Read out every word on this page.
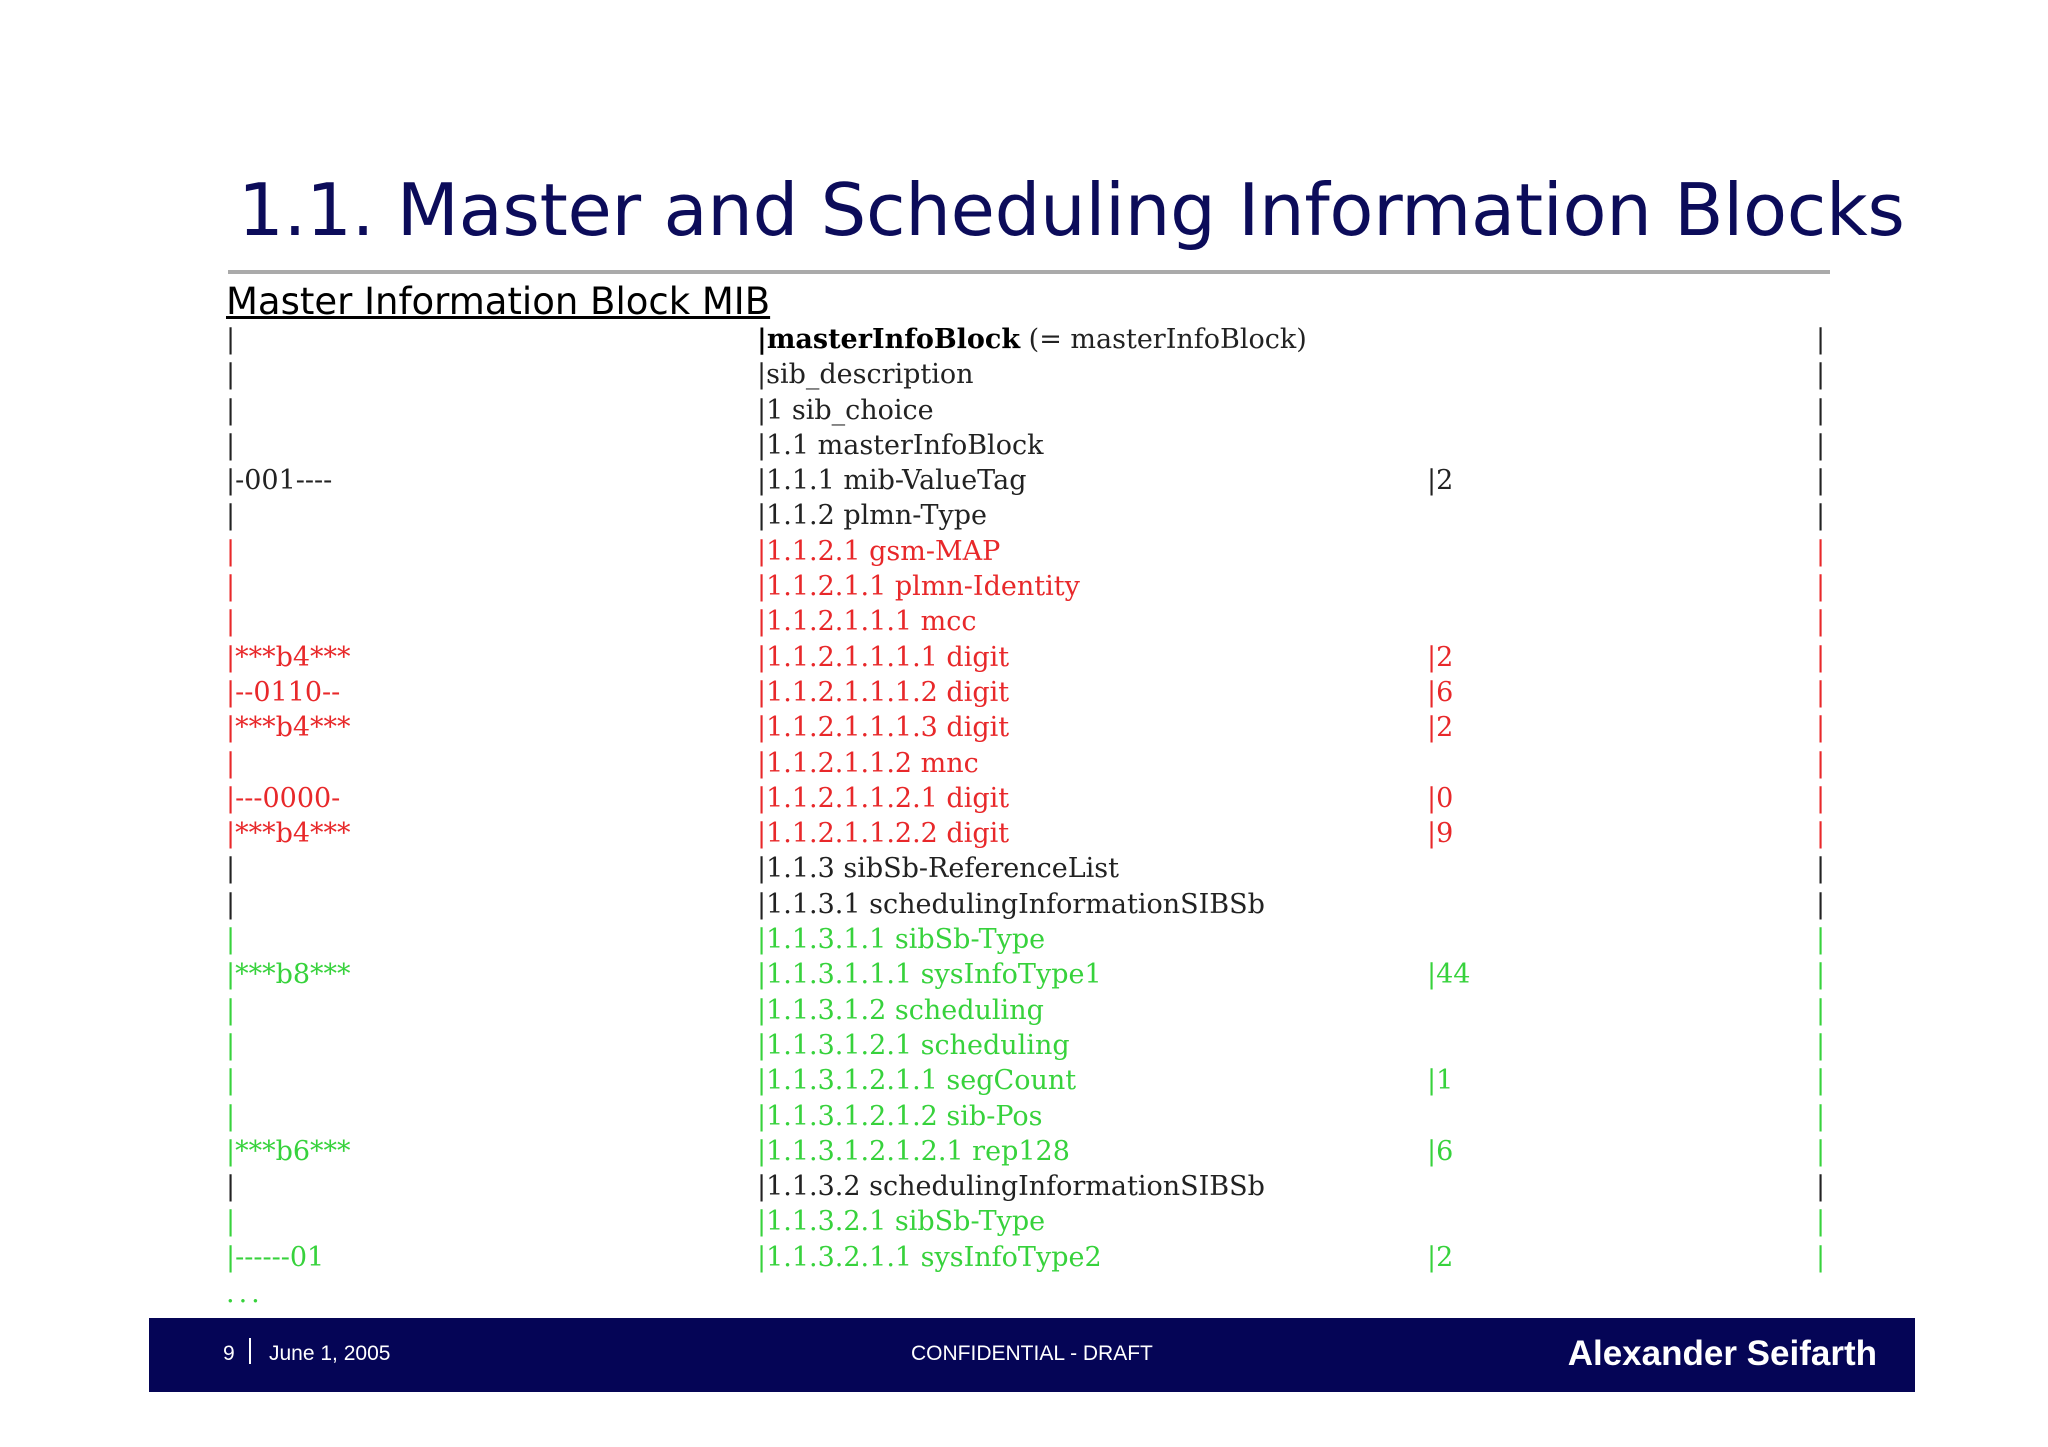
1.1. Master and Scheduling Information Blocks
Master Information Block MIB
|	|masterInfoBlock (= masterInfoBlock)	|
|	|sib_description	|
|	|1 sib_choice	|
|	|1.1 masterInfoBlock	|
|-001----	|1.1.1 mib-ValueTag	|2	|
|	|1.1.2 plmn-Type	|
|	|1.1.2.1 gsm-MAP	|
|	|1.1.2.1.1 plmn-Identity	|
|	|1.1.2.1.1.1 mcc	|
|***b4***	|1.1.2.1.1.1.1 digit	|2	|
|--0110--	|1.1.2.1.1.1.2 digit	|6	|
|***b4***	|1.1.2.1.1.1.3 digit	|2	|
|	|1.1.2.1.1.2 mnc	|
|---0000-	|1.1.2.1.1.2.1 digit	|0	|
|***b4***	|1.1.2.1.1.2.2 digit	|9	|
|	|1.1.3 sibSb-ReferenceList	|
|	|1.1.3.1 schedulingInformationSIBSb	|
|	|1.1.3.1.1 sibSb-Type	|
|***b8***	|1.1.3.1.1.1 sysInfoType1	|44	|
|	|1.1.3.1.2 scheduling	|
|	|1.1.3.1.2.1 scheduling	|
|	|1.1.3.1.2.1.1 segCount	|1	|
|	|1.1.3.1.2.1.2 sib-Pos	|
|***b6***	|1.1.3.1.2.1.2.1 rep128	|6	|
|	|1.1.3.2 schedulingInformationSIBSb	|
|	|1.1.3.2.1 sibSb-Type	|
|------01	|1.1.3.2.1.1 sysInfoType2	|2	|
...
9 June 1, 2005	CONFIDENTIAL - DRAFT	Alexander Seifarth
